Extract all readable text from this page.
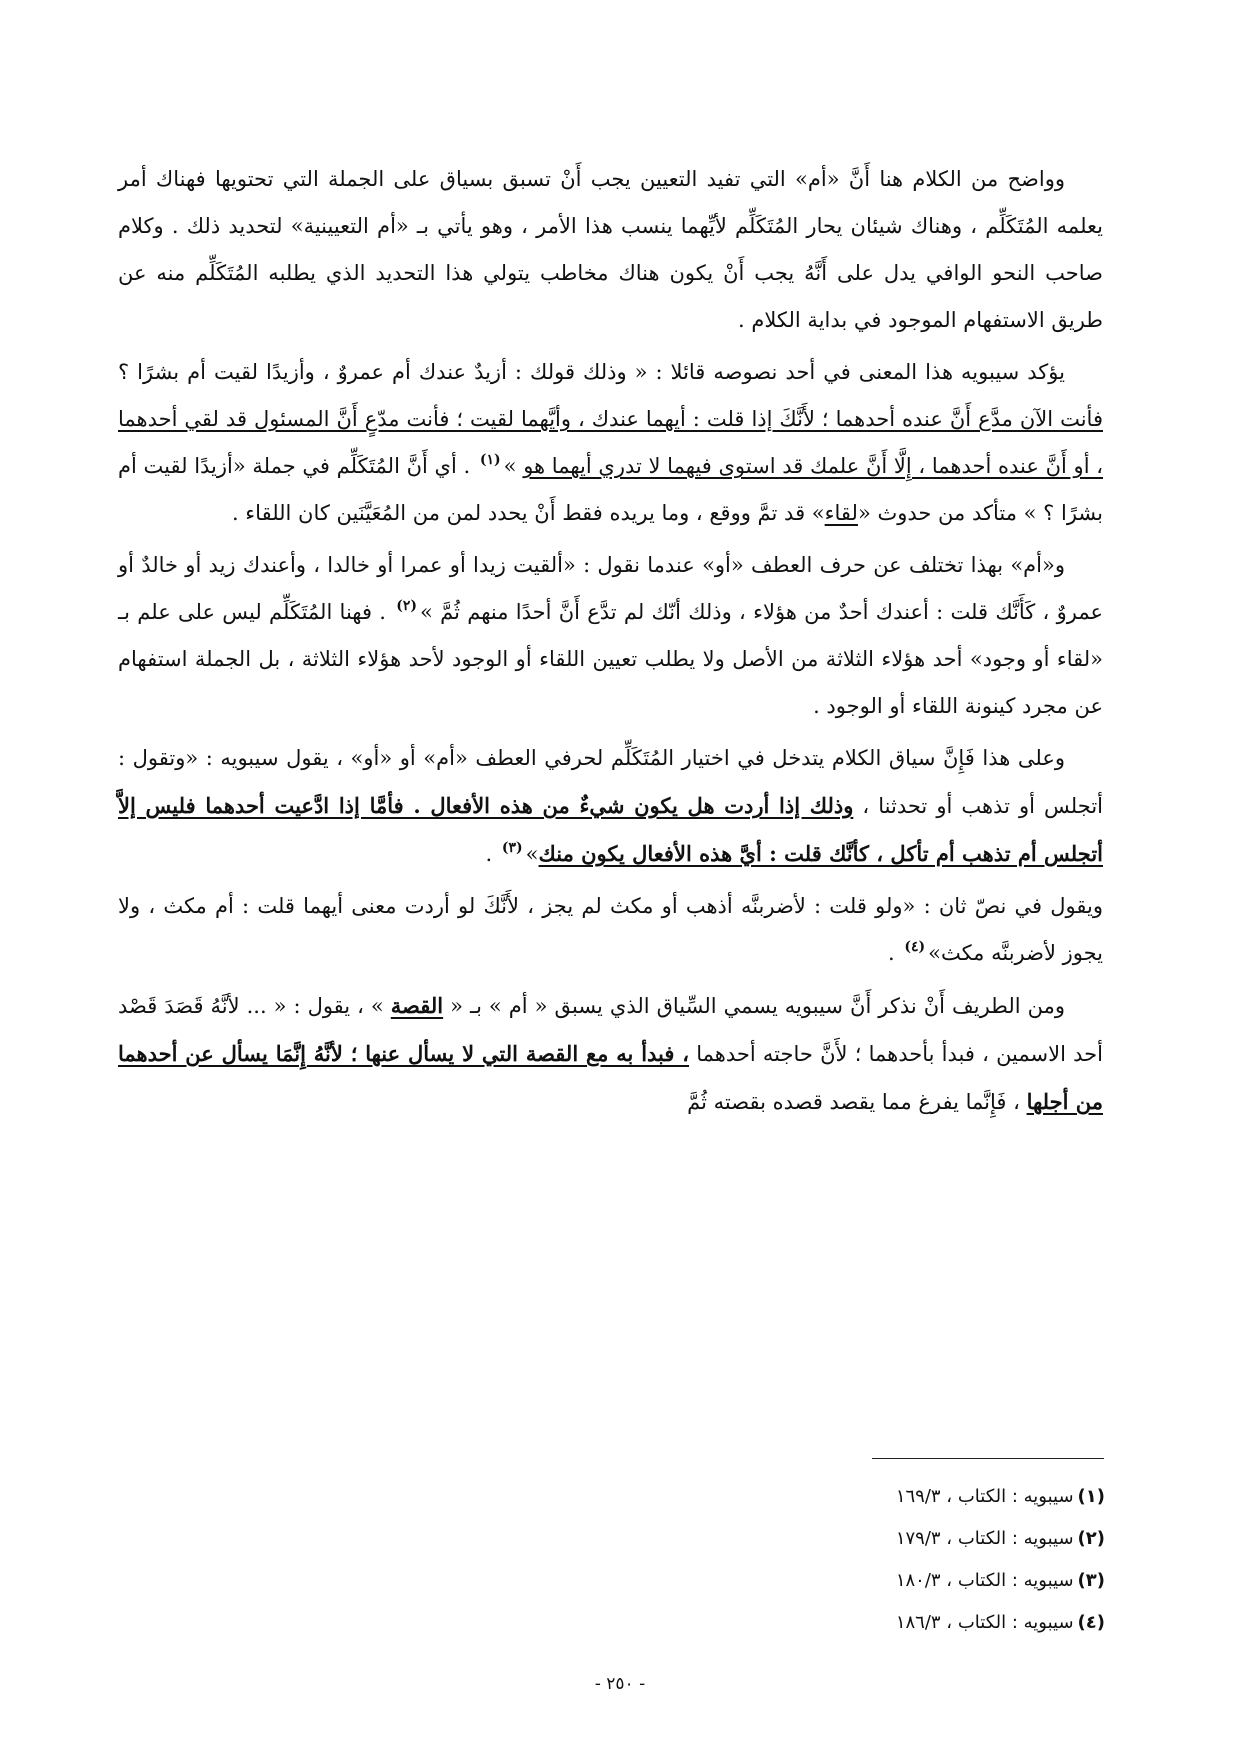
وواضح من الكلام هنا أَنَّ «أم» التي تفيد التعيين يجب أَنْ تسبق بسياق على الجملة التي تحتويها فهناك أمر يعلمه المُتَكَلِّم ، وهناك شيئان يحار المُتَكَلِّم لأيِّهما ينسب هذا الأمر ، وهو يأتي بـ «أم التعيينية» لتحديد ذلك . وكلام صاحب النحو الوافي يدل على أَنَّهُ يجب أَنْ يكون هناك مخاطب يتولي هذا التحديد الذي يطلبه المُتَكَلِّم منه عن طريق الاستفهام الموجود في بداية الكلام .

يؤكد سيبويه هذا المعنى في أحد نصوصه قائلا : « وذلك قولك : أزيدٌ عندك أم عمروٌ ، وأزيدًا لقيت أم بشرًا ؟ فأنت الآن مدَّع أَنَّ عنده أحدهما ؛ لأَنَّكَ إذا قلت : أيهما عندك ، وأيَّهما لقيت ؛ فأنت مدّعٍ أَنَّ المسئول قد لقي أحدهما ، أو أَنَّ عنده أحدهما ، إِلَّا أَنَّ علمك قد استوى فيهما لا تدري أيهما هو »$^{(١)}$ . أي أَنَّ المُتَكَلِّم في جملة «أزيدًا لقيت أم بشرًا ؟ » متأكد من حدوث «لقاء» قد تمَّ ووقع ، وما يريده فقط أَنْ يحدد لمن من المُعَيَّنَين كان اللقاء .

و«أم» بهذا تختلف عن حرف العطف «أو» عندما نقول : «ألقيت زيدا أو عمرا أو خالدا ، وأعندك زيد أو خالدٌ أو عمروٌ ، كَأَنَّك قلت : أعندك أحدٌ من هؤلاء ، وذلك أنّك لم تدَّع أَنَّ أحدًا منهم ثُمَّ »$^{(٢)}$ . فهنا المُتَكَلِّم ليس على علم بـ «لقاء أو وجود» أحد هؤلاء الثلاثة من الأصل ولا يطلب تعيين اللقاء أو الوجود لأحد هؤلاء الثلاثة ، بل الجملة استفهام عن مجرد كينونة اللقاء أو الوجود .

وعلى هذا فَإِنَّ سياق الكلام يتدخل في اختيار المُتَكَلِّم لحرفي العطف «أم» أو «أو» ، يقول سيبويه : «وتقول : أتجلس أو تذهب أو تحدثنا ، وذلك إذا أردت هل يكون شيءٌ من هذه الأفعال . فأمَّا إذا ادَّعيت أحدهما فليس إلاَّ أتجلس أم تذهب أم تأكل ، كأنَّك قلت : أيَّ هذه الأفعال يكون منك»$^{(٣)}$ .

ويقول في نصّ ثان : «ولو قلت : لأضربنَّه أذهب أو مكث لم يجز ، لأَنَّكَ لو أردت معنى أيهما قلت : أم مكث ، ولا يجوز لأضربنَّه مكث»$^{(٤)}$ .

ومن الطريف أَنْ نذكر أَنَّ سيبويه يسمي السِّياق الذي يسبق « أم » بـ « القصة » ، يقول : « ... لأنَّهُ قَصَدَ قَصْد أحد الاسمين ، فبدأ بأحدهما ؛ لأَنَّ حاجته أحدهما ، فبدأ به مع القصة التي لا يسأل عنها ؛ لأنَّهُ إِنَّمَا يسأل عن أحدهما من أجلها ، فَإِنَّما يفرغ مما يقصد قصده بقصته ثُمَّ

(١)سيبويه : الكتاب ، ١٦٩/٣
(٢)سيبويه : الكتاب ، ١٧٩/٣
(٣)سيبويه : الكتاب ، ١٨٠/٣
(٤)سيبويه : الكتاب ، ١٨٦/٣
- ٢٥٠ -
